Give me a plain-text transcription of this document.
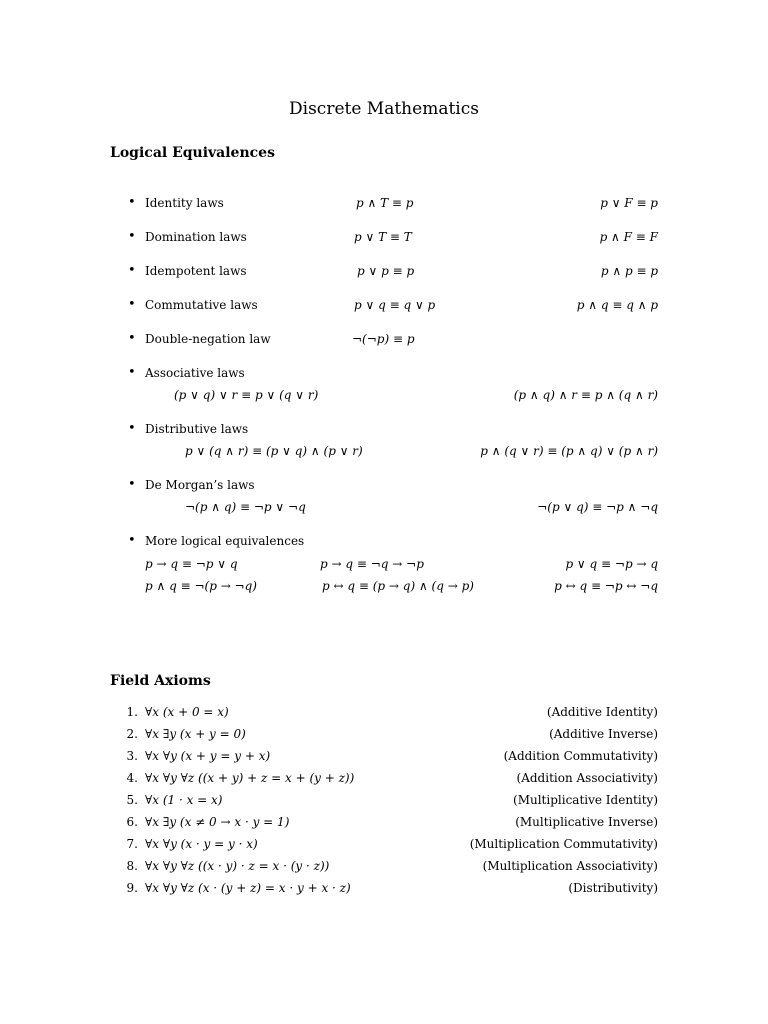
Discrete Mathematics
Logical Equivalences
• Identity laws	p ∧ T ≡ p	p ∨ F ≡ p
• Domination laws	p ∨ T ≡ T	p ∧ F ≡ F
• Idempotent laws	p ∨ p ≡ p	p ∧ p ≡ p
• Commutative laws	p ∨ q ≡ q ∨ p	p ∧ q ≡ q ∧ p
• Double-negation law	¬(¬p) ≡ p
• Associative laws
(p ∨ q) ∨ r ≡ p ∨ (q ∨ r)	(p ∧ q) ∧ r ≡ p ∧ (q ∧ r)
• Distributive laws
p ∨ (q ∧ r) ≡ (p ∨ q) ∧ (p ∨ r)	p ∧ (q ∨ r) ≡ (p ∧ q) ∨ (p ∧ r)
• De Morgan’s laws
¬(p ∧ q) ≡ ¬p ∨ ¬q	¬(p ∨ q) ≡ ¬p ∧ ¬q
• More logical equivalences
p → q ≡ ¬p ∨ q	p → q ≡ ¬q → ¬p	p ∨ q ≡ ¬p → q
p ∧ q ≡ ¬(p → ¬q)	p ↔ q ≡ (p → q) ∧ (q → p)	p ↔ q ≡ ¬p ↔ ¬q
Field Axioms
1. ∀x (x + 0 = x)	(Additive Identity)
2. ∀x ∃y (x + y = 0)	(Additive Inverse)
3. ∀x ∀y (x + y = y + x)	(Addition Commutativity)
4. ∀x ∀y ∀z ((x + y) + z = x + (y + z))	(Addition Associativity)
5. ∀x (1 · x = x)	(Multiplicative Identity)
6. ∀x ∃y (x ≠ 0 → x · y = 1)	(Multiplicative Inverse)
7. ∀x ∀y (x · y = y · x)	(Multiplication Commutativity)
8. ∀x ∀y ∀z ((x · y) · z = x · (y · z))	(Multiplication Associativity)
9. ∀x ∀y ∀z (x · (y + z) = x · y + x · z)	(Distributivity)
